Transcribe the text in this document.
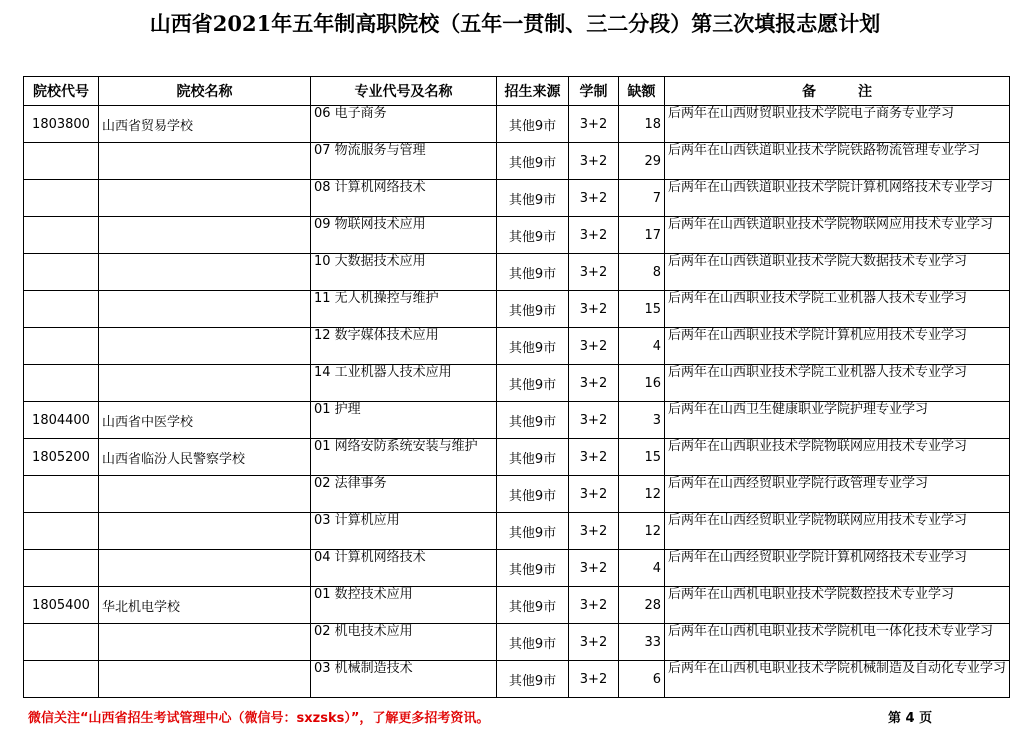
山西省2021年五年制高职院校（五年一贯制、三二分段）第三次填报志愿计划
院校代号	院校名称	专业代号及名称	招生来源	学制	缺额	备　　　注
1803800	山西省贸易学校	06 电子商务	其他9市	3+2	18	后两年在山西财贸职业技术学院电子商务专业学习
		07 物流服务与管理	其他9市	3+2	29	后两年在山西铁道职业技术学院铁路物流管理专业学习
		08 计算机网络技术	其他9市	3+2	7	后两年在山西铁道职业技术学院计算机网络技术专业学习
		09 物联网技术应用	其他9市	3+2	17	后两年在山西铁道职业技术学院物联网应用技术专业学习
		10 大数据技术应用	其他9市	3+2	8	后两年在山西铁道职业技术学院大数据技术专业学习
		11 无人机操控与维护	其他9市	3+2	15	后两年在山西职业技术学院工业机器人技术专业学习
		12 数字媒体技术应用	其他9市	3+2	4	后两年在山西职业技术学院计算机应用技术专业学习
		14 工业机器人技术应用	其他9市	3+2	16	后两年在山西职业技术学院工业机器人技术专业学习
1804400	山西省中医学校	01 护理	其他9市	3+2	3	后两年在山西卫生健康职业学院护理专业学习
1805200	山西省临汾人民警察学校	01 网络安防系统安装与维护	其他9市	3+2	15	后两年在山西职业技术学院物联网应用技术专业学习
		02 法律事务	其他9市	3+2	12	后两年在山西经贸职业学院行政管理专业学习
		03 计算机应用	其他9市	3+2	12	后两年在山西经贸职业学院物联网应用技术专业学习
		04 计算机网络技术	其他9市	3+2	4	后两年在山西经贸职业学院计算机网络技术专业学习
1805400	华北机电学校	01 数控技术应用	其他9市	3+2	28	后两年在山西机电职业技术学院数控技术专业学习
		02 机电技术应用	其他9市	3+2	33	后两年在山西机电职业技术学院机电一体化技术专业学习
		03 机械制造技术	其他9市	3+2	6	后两年在山西机电职业技术学院机械制造及自动化专业学习
微信关注“山西省招生考试管理中心（微信号：sxzsks）”，了解更多招考资讯。	第 4 页
